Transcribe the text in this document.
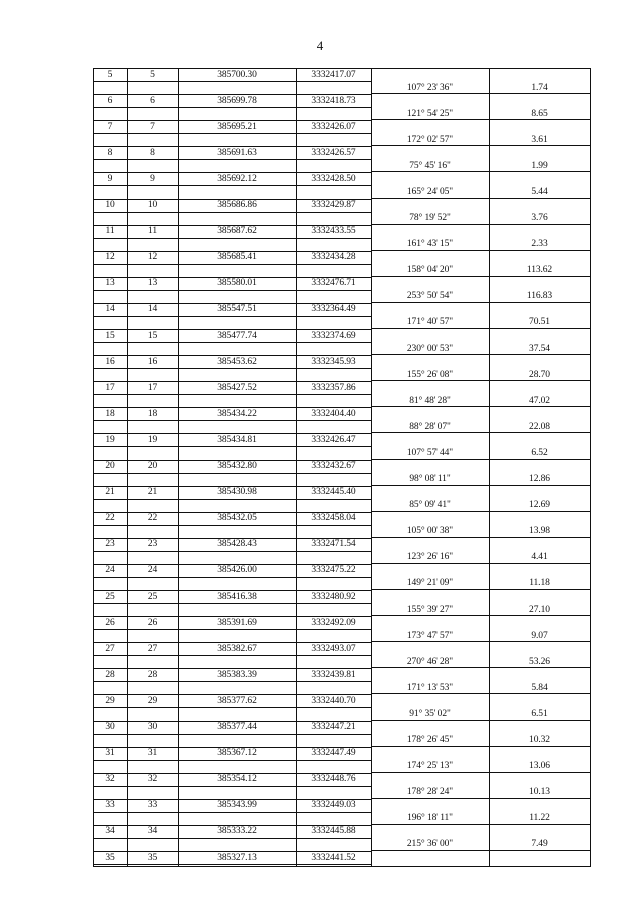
4
5	5	385700.30	3332417.07
107° 23' 36"	1.74
6	6	385699.78	3332418.73
121° 54' 25"	8.65
7	7	385695.21	3332426.07
172° 02' 57"	3.61
8	8	385691.63	3332426.57
75° 45' 16"	1.99
9	9	385692.12	3332428.50
165° 24' 05"	5.44
10	10	385686.86	3332429.87
78° 19' 52"	3.76
11	11	385687.62	3332433.55
161° 43' 15"	2.33
12	12	385685.41	3332434.28
158° 04' 20"	113.62
13	13	385580.01	3332476.71
253° 50' 54"	116.83
14	14	385547.51	3332364.49
171° 40' 57"	70.51
15	15	385477.74	3332374.69
230° 00' 53"	37.54
16	16	385453.62	3332345.93
155° 26' 08"	28.70
17	17	385427.52	3332357.86
81° 48' 28"	47.02
18	18	385434.22	3332404.40
88° 28' 07"	22.08
19	19	385434.81	3332426.47
107° 57' 44"	6.52
20	20	385432.80	3332432.67
98° 08' 11"	12.86
21	21	385430.98	3332445.40
85° 09' 41"	12.69
22	22	385432.05	3332458.04
105° 00' 38"	13.98
23	23	385428.43	3332471.54
123° 26' 16"	4.41
24	24	385426.00	3332475.22
149° 21' 09"	11.18
25	25	385416.38	3332480.92
155° 39' 27"	27.10
26	26	385391.69	3332492.09
173° 47' 57"	9.07
27	27	385382.67	3332493.07
270° 46' 28"	53.26
28	28	385383.39	3332439.81
171° 13' 53"	5.84
29	29	385377.62	3332440.70
91° 35' 02"	6.51
30	30	385377.44	3332447.21
178° 26' 45"	10.32
31	31	385367.12	3332447.49
174° 25' 13"	13.06
32	32	385354.12	3332448.76
178° 28' 24"	10.13
33	33	385343.99	3332449.03
196° 18' 11"	11.22
34	34	385333.22	3332445.88
215° 36' 00"	7.49
35	35	385327.13	3332441.52
